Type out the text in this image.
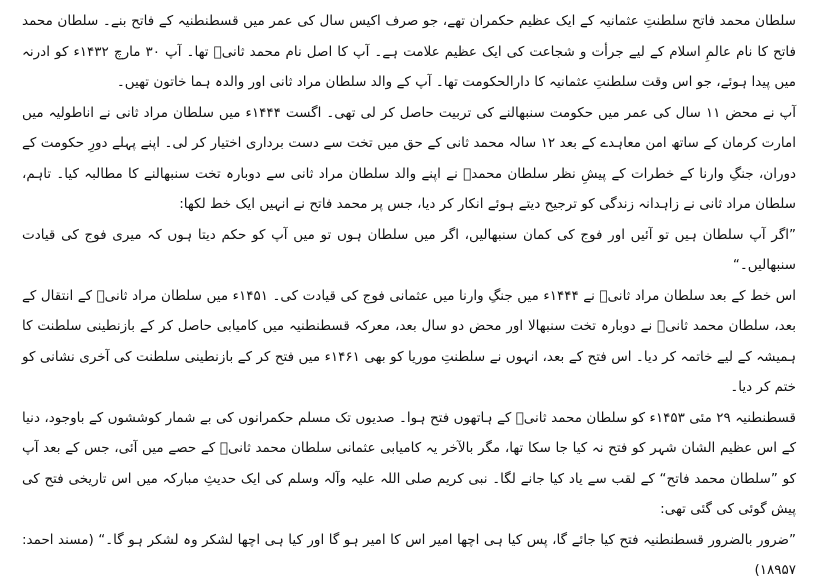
سلطان محمد فاتح سلطنتِ عثمانیہ کے ایک عظیم حکمران تھے، جو صرف اکیس سال کی عمر میں قسطنطنیہ کے فاتح بنے۔ سلطان محمد فاتح کا نام عالمِ اسلام کے لیے جرأت و شجاعت کی ایک عظیم علامت ہے۔ آپ کا اصل نام محمد ثانیؒ تھا۔ آپ ۳۰ مارچ ۱۴۳۲ء کو ادرنہ میں پیدا ہوئے، جو اس وقت سلطنتِ عثمانیہ کا دارالحکومت تھا۔ آپ کے والد سلطان مراد ثانی اور والدہ ہما خاتون تھیں۔

آپ نے محض ۱۱ سال کی عمر میں حکومت سنبھالنے کی تربیت حاصل کر لی تھی۔ اگست ۱۴۴۴ء میں سلطان مراد ثانی نے اناطولیہ میں امارت کرمان کے ساتھ امن معاہدے کے بعد ۱۲ سالہ محمد ثانی کے حق میں تخت سے دست برداری اختیار کر لی۔ اپنے پہلے دورِ حکومت کے دوران، جنگِ وارنا کے خطرات کے پیشِ نظر سلطان محمدؒ نے اپنے والد سلطان مراد ثانی سے دوبارہ تخت سنبھالنے کا مطالبہ کیا۔ تاہم، سلطان مراد ثانی نے زاہدانہ زندگی کو ترجیح دیتے ہوئے انکار کر دیا، جس پر محمد فاتح نے انہیں ایک خط لکھا:

”اگر آپ سلطان ہیں تو آئیں اور فوج کی کمان سنبھالیں، اگر میں سلطان ہوں تو میں آپ کو حکم دیتا ہوں کہ میری فوج کی قیادت سنبھالیں۔“

اس خط کے بعد سلطان مراد ثانیؒ نے ۱۴۴۴ء میں جنگِ وارنا میں عثمانی فوج کی قیادت کی۔ ۱۴۵۱ء میں سلطان مراد ثانیؒ کے انتقال کے بعد، سلطان محمد ثانیؒ نے دوبارہ تخت سنبھالا اور محض دو سال بعد، معرکہ قسطنطنیہ میں کامیابی حاصل کر کے بازنطینی سلطنت کا ہمیشہ کے لیے خاتمہ کر دیا۔ اس فتح کے بعد، انہوں نے سلطنتِ موریا کو بھی ۱۴۶۱ء میں فتح کر کے بازنطینی سلطنت کی آخری نشانی کو ختم کر دیا۔

قسطنطنیہ ۲۹ مئی ۱۴۵۳ء کو سلطان محمد ثانیؒ کے ہاتھوں فتح ہوا۔ صدیوں تک مسلم حکمرانوں کی بے شمار کوششوں کے باوجود، دنیا کے اس عظیم الشان شہر کو فتح نہ کیا جا سکا تھا، مگر بالآخر یہ کامیابی عثمانی سلطان محمد ثانیؒ کے حصے میں آئی، جس کے بعد آپ کو ”سلطان محمد فاتح“ کے لقب سے یاد کیا جانے لگا۔ نبی کریم صلی اللہ علیہ وآلہ وسلم کی ایک حدیثِ مبارکہ میں اس تاریخی فتح کی پیش گوئی کی گئی تھی:

”ضرور بالضرور قسطنطنیہ فتح کیا جائے گا، پس کیا ہی اچھا امیر اس کا امیر ہو گا اور کیا ہی اچھا لشکر وہ لشکر ہو گا۔“ (مسند احمد: ۱۸۹۵۷)
